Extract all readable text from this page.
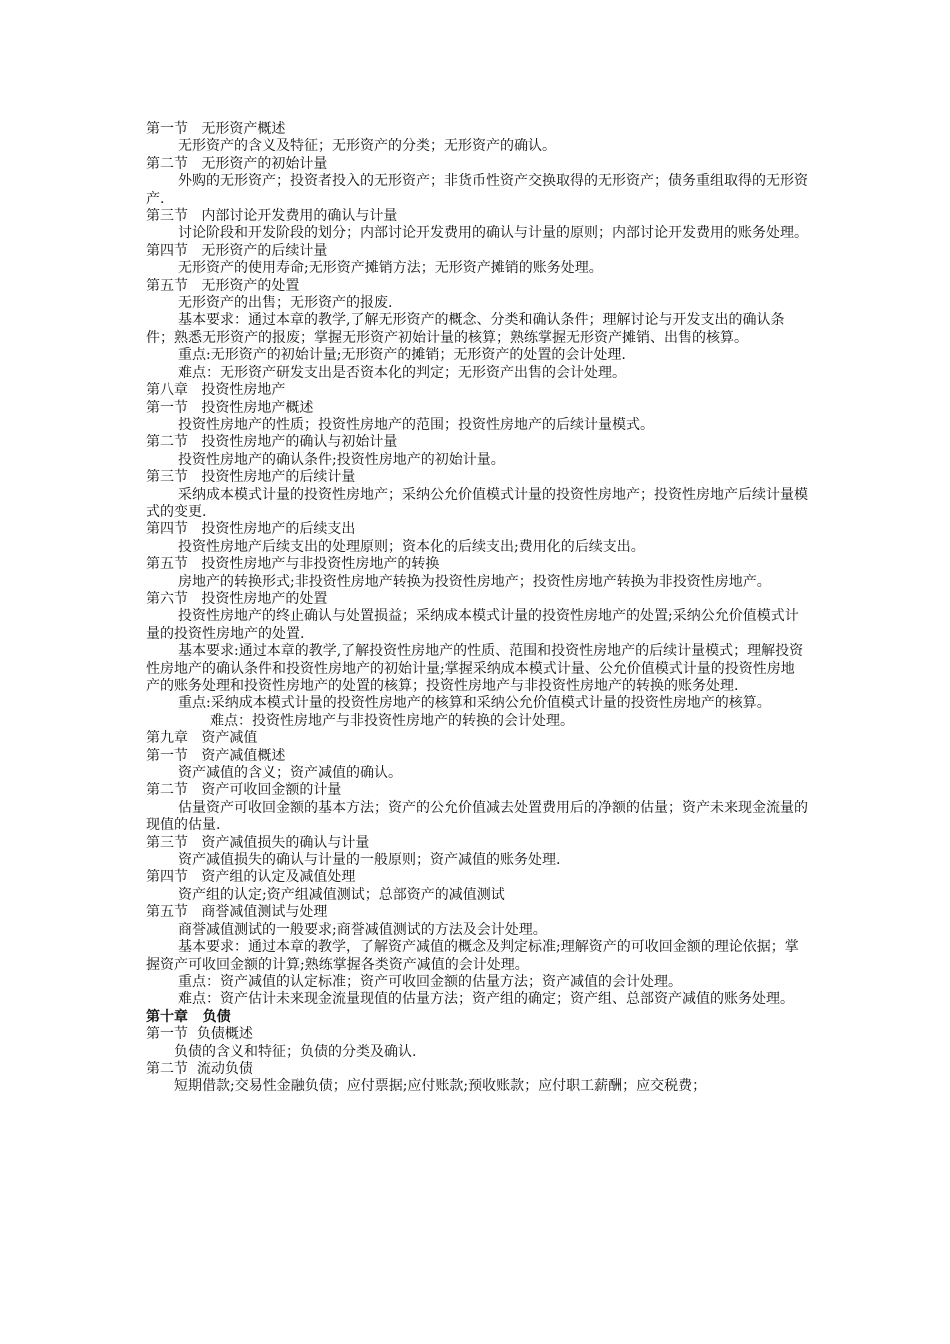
第一节   无形资产概述

无形资产的含义及特征；无形资产的分类；无形资产的确认。

第二节   无形资产的初始计量

外购的无形资产；投资者投入的无形资产；非货币性资产交换取得的无形资产；债务重组取得的无形资产.

第三节   内部讨论开发费用的确认与计量

讨论阶段和开发阶段的划分；内部讨论开发费用的确认与计量的原则；内部讨论开发费用的账务处理。

第四节   无形资产的后续计量

无形资产的使用寿命;无形资产摊销方法；无形资产摊销的账务处理。

第五节   无形资产的处置

无形资产的出售；无形资产的报废.

基本要求：通过本章的教学,了解无形资产的概念、分类和确认条件；理解讨论与开发支出的确认条件；熟悉无形资产的报废；掌握无形资产初始计量的核算；熟练掌握无形资产摊销、出售的核算。

重点:无形资产的初始计量;无形资产的摊销；无形资产的处置的会计处理.

难点：无形资产研发支出是否资本化的判定；无形资产出售的会计处理。

第八章   投资性房地产

第一节   投资性房地产概述

投资性房地产的性质；投资性房地产的范围；投资性房地产的后续计量模式。

第二节   投资性房地产的确认与初始计量

投资性房地产的确认条件;投资性房地产的初始计量。

第三节   投资性房地产的后续计量

采纳成本模式计量的投资性房地产；采纳公允价值模式计量的投资性房地产；投资性房地产后续计量模式的变更.

第四节   投资性房地产的后续支出

投资性房地产后续支出的处理原则；资本化的后续支出;费用化的后续支出。

第五节   投资性房地产与非投资性房地产的转换

房地产的转换形式;非投资性房地产转换为投资性房地产；投资性房地产转换为非投资性房地产。

第六节   投资性房地产的处置

投资性房地产的终止确认与处置损益；采纳成本模式计量的投资性房地产的处置;采纳公允价值模式计量的投资性房地产的处置.

基本要求:通过本章的教学,了解投资性房地产的性质、范围和投资性房地产的后续计量模式；理解投资性房地产的确认条件和投资性房地产的初始计量;掌握采纳成本模式计量、公允价值模式计量的投资性房地产的账务处理和投资性房地产的处置的核算；投资性房地产与非投资性房地产的转换的账务处理.

重点:采纳成本模式计量的投资性房地产的核算和采纳公允价值模式计量的投资性房地产的核算。

难点：投资性房地产与非投资性房地产的转换的会计处理。

第九章   资产减值

第一节   资产减值概述

资产减值的含义；资产减值的确认。

第二节   资产可收回金额的计量

估量资产可收回金额的基本方法；资产的公允价值减去处置费用后的净额的估量；资产未来现金流量的现值的估量.

第三节   资产减值损失的确认与计量

资产减值损失的确认与计量的一般原则；资产减值的账务处理.

第四节   资产组的认定及减值处理

资产组的认定;资产组减值测试；总部资产的减值测试

第五节   商誉减值测试与处理

商誉减值测试的一般要求;商誉减值测试的方法及会计处理。

基本要求：通过本章的教学，了解资产减值的概念及判定标准;理解资产的可收回金额的理论依据；掌握资产可收回金额的计算;熟练掌握各类资产减值的会计处理。

重点：资产减值的认定标准；资产可收回金额的估量方法；资产减值的会计处理。

难点：资产估计未来现金流量现值的估量方法；资产组的确定；资产组、总部资产减值的账务处理。

第十章   负债

第一节  负债概述

负债的含义和特征；负债的分类及确认.

第二节  流动负债

短期借款;交易性金融负债；应付票据;应付账款;预收账款；应付职工薪酬；应交税费；
